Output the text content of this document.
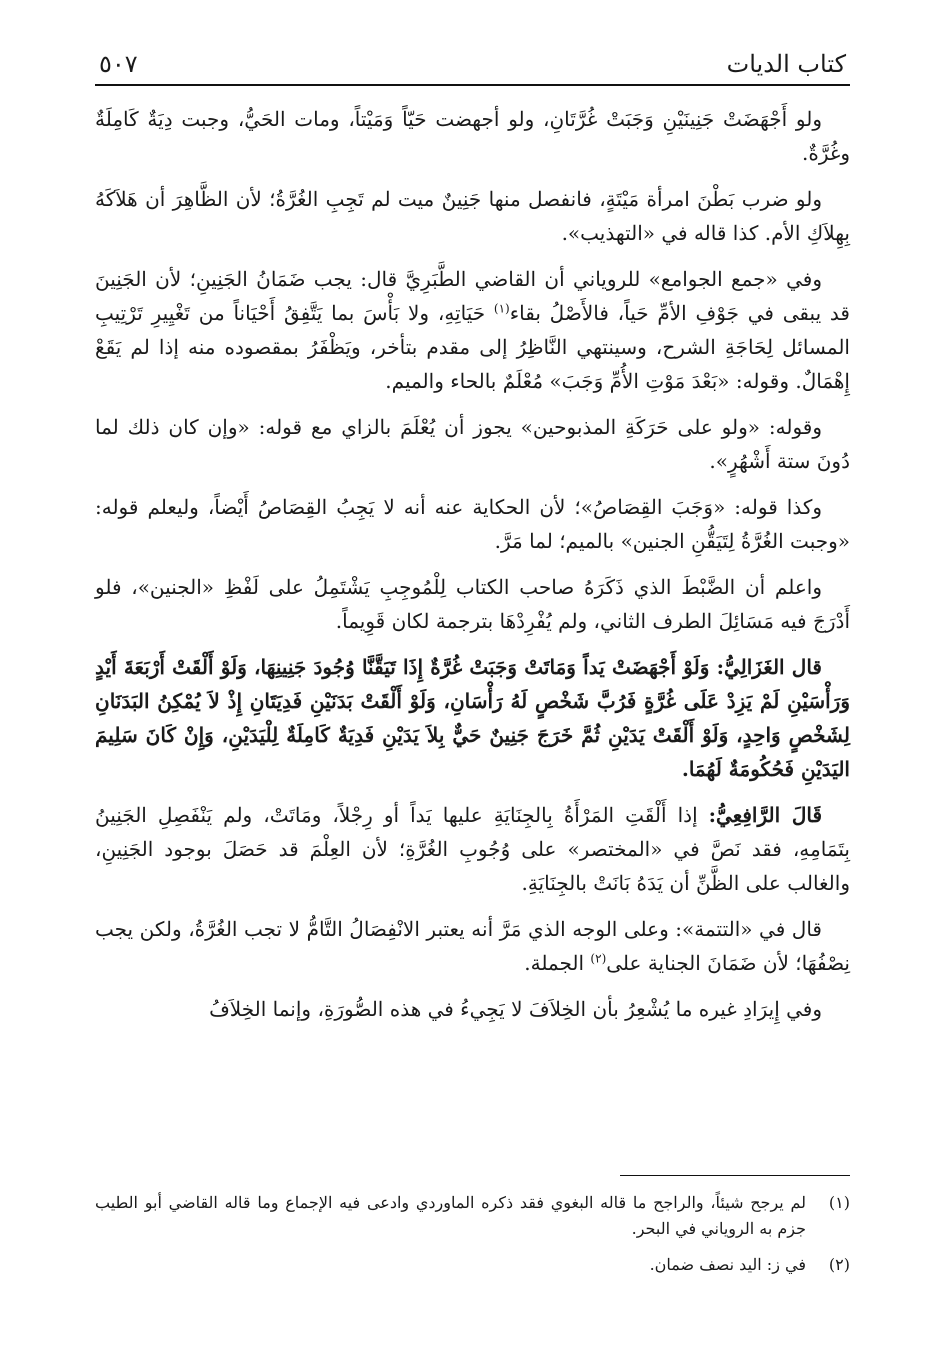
كتاب الديات
٥٠٧

ولو أَجْهَضَتْ جَنِينَيْنِ وَجَبَتْ غُرَّتَانِ، ولو أجهضت حَيّاً وَمَيْتاً، ومات الحَيُّ، وجبت دِيَةٌ كَامِلَةٌ وغُرَّةٌ.

ولو ضرب بَطْنَ امرأة مَيْتَةٍ، فانفصل منها جَنِينٌ ميت لم تَجِبِ الغُرَّةُ؛ لأن الظَّاهِرَ أن هَلاَكَهُ بِهِلاَكِ الأم. كذا قاله في «التهذيب».

وفي «جمع الجوامع» للروياني أن القاضي الطَّبَرِيَّ قال: يجب ضَمَانُ الجَنِينِ؛ لأن الجَنِينَ قد يبقى في جَوْفِ الأمِّ حَياً، فالأَصْلُ بقاء$^{(١)}$ حَيَاتِهِ، ولا بَأْسَ بما يَتَّفِقُ أَحْيَاناً من تَغْيِيرِ تَرْتِيبِ المسائل لِحَاجَةِ الشرح، وسينتهي النَّاظِرُ إلى مقدم بتأخر، ويَظْفَرُ بمقصوده منه إذا لم يَقَعْ إِهْمَالٌ. وقوله: «بَعْدَ مَوْتِ الأُمِّ وَجَبَ» مُعْلَمٌ بالحاء والميم.

وقوله: «ولو على حَرَكَةِ المذبوحين» يجوز أن يُعْلَمَ بالزاي مع قوله: «وإن كان ذلك لما دُونَ ستة أَشْهُرٍ».

وكذا قوله: «وَجَبَ القِصَاصُ»؛ لأن الحكاية عنه أنه لا يَجِبُ القِصَاصُ أَيْضاً، وليعلم قوله: «وجبت الغُرَّةُ لِتَيَقُّنِ الجنين» بالميم؛ لما مَرَّ.

واعلم أن الضَّبْطَ الذي ذَكَرَهُ صاحب الكتاب لِلْمُوجِبِ يَشْتَمِلُ على لَفْظِ «الجنين»، فلو أَدْرَجَ فيه مَسَائِلَ الطرف الثاني، ولم يُفْرِدْهَا بترجمة لكان قَوِيماً.

قال الغَزَالِيُّ: وَلَوْ أَجْهَضَتْ يَداً وَمَاتَتْ وَجَبَتْ غُرَّةٌ إِذَا تَيَقَّنَّا وُجُودَ جَنِينِهَا، وَلَوْ أَلْقَتْ أَرْبَعَةَ أَيْدٍ وَرَأْسَيْنِ لَمْ يَزِدْ عَلَى غُرَّةٍ فَرُبَّ شَخْصٍ لَهُ رَأْسَانِ، وَلَوْ أَلْقَتْ بَدَنَيْنِ فَدِيَتَانِ إِذْ لاَ يُمْكِنُ البَدَنَانِ لِشَخْصٍ وَاحِدٍ، وَلَوْ أَلْقَتْ يَدَيْنِ ثُمَّ خَرَجَ جَنِينٌ حَيٌّ بِلاَ يَدَيْنِ فَدِيَةٌ كَامِلَةٌ لِلْيَدَيْنِ، وَإِنْ كَانَ سَلِيمَ اليَدَيْنِ فَحُكُومَةٌ لَهُمَا.

قَالَ الرَّافِعِيُّ: إذا أَلْقَتِ المَرْأَةُ بِالجِنَايَةِ عليها يَداً أو رِجْلاً، ومَاتَتْ، ولم يَنْفَصِلِ الجَنِينُ بِتَمَامِهِ، فقد نَصَّ في «المختصر» على وُجُوبِ الغُرَّةِ؛ لأن العِلْمَ قد حَصَلَ بوجود الجَنِينِ، والغالب على الظَّنِّ أن يَدَهُ بَانَتْ بالجِنَايَةِ.

قال في «التتمة»: وعلى الوجه الذي مَرَّ أنه يعتبر الانْفِصَالُ التَّامُّ لا تجب الغُرَّةُ، ولكن يجب نِصْفُهَا؛ لأن ضَمَانَ الجناية على$^{(٢)}$ الجملة.

وفي إِيرَادِ غيره ما يُشْعِرُ بأن الخِلاَفَ لا يَجِيءُ في هذه الصُّورَةِ، وإنما الخِلاَفُ

(١)
لم يرجح شيئاً، والراجح ما قاله البغوي فقد ذكره الماوردي وادعى فيه الإجماع وما قاله القاضي أبو الطيب جزم به الروياني في البحر.
(٢)
في ز: اليد نصف ضمان.
